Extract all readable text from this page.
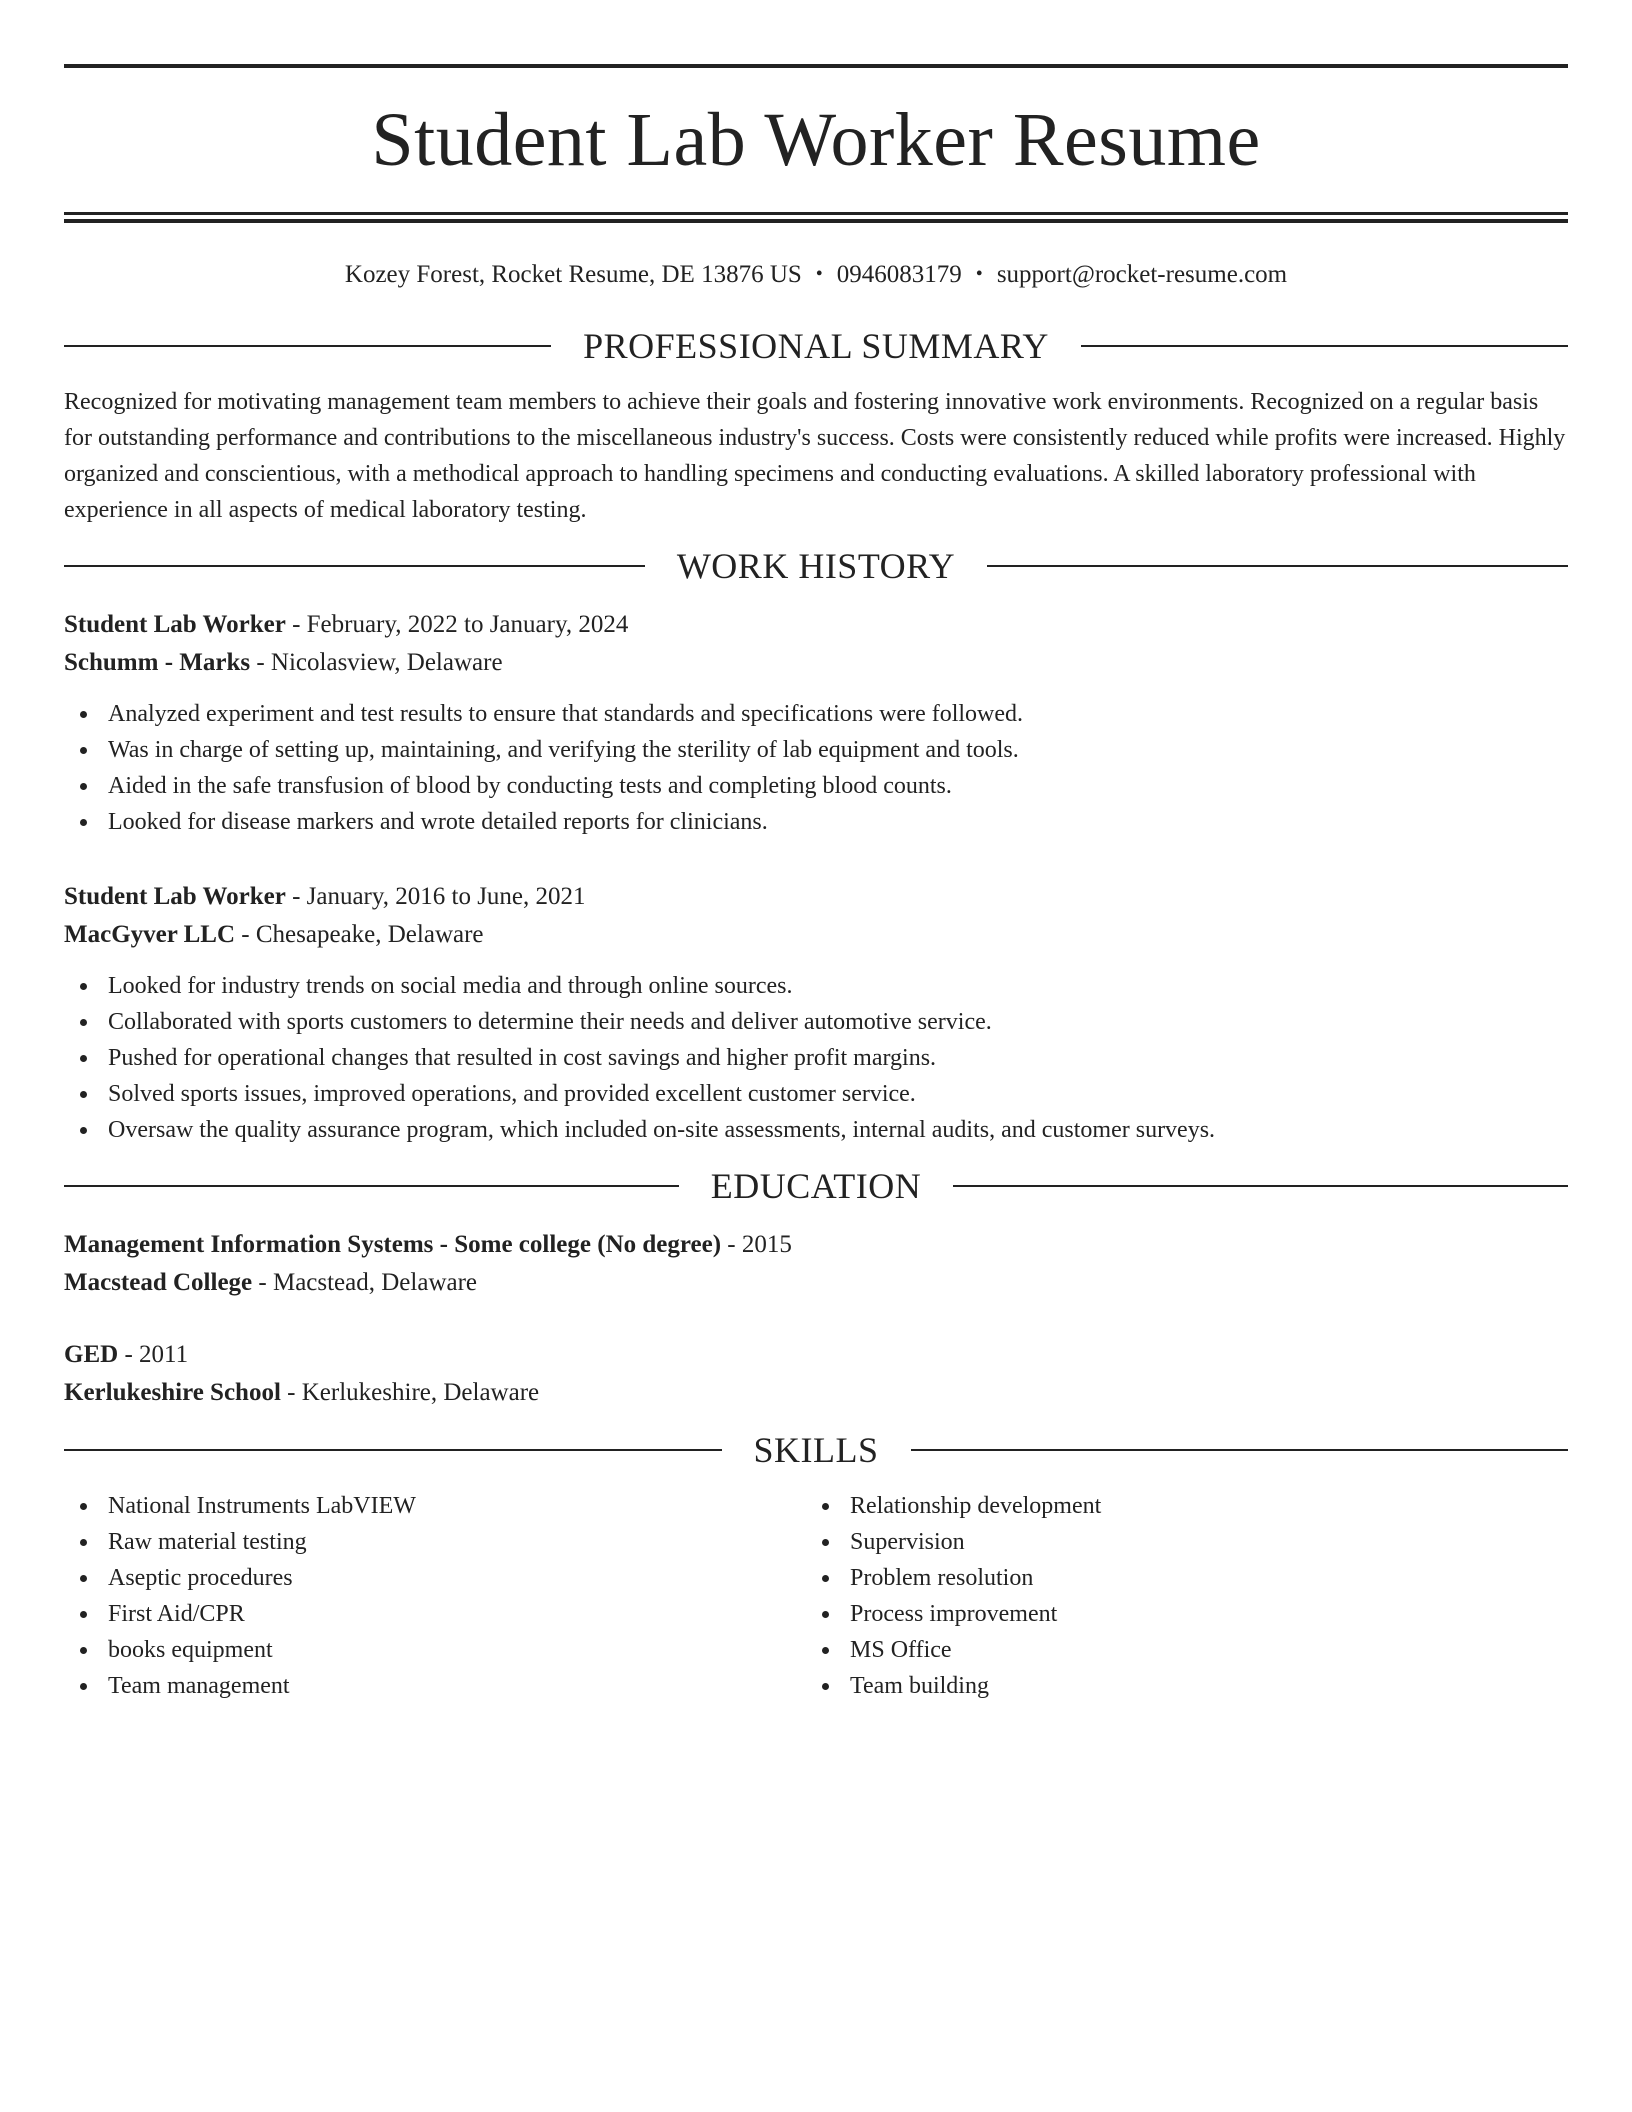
Student Lab Worker Resume
Kozey Forest, Rocket Resume, DE 13876 US • 0946083179 • support@rocket-resume.com
PROFESSIONAL SUMMARY

Recognized for motivating management team members to achieve their goals and fostering innovative work environments. Recognized on a regular basis for outstanding performance and contributions to the miscellaneous industry's success. Costs were consistently reduced while profits were increased. Highly organized and conscientious, with a methodical approach to handling specimens and conducting evaluations. A skilled laboratory professional with experience in all aspects of medical laboratory testing.

WORK HISTORY
Student Lab Worker - February, 2022 to January, 2024
Schumm - Marks - Nicolasview, Delaware
Analyzed experiment and test results to ensure that standards and specifications were followed.
Was in charge of setting up, maintaining, and verifying the sterility of lab equipment and tools.
Aided in the safe transfusion of blood by conducting tests and completing blood counts.
Looked for disease markers and wrote detailed reports for clinicians.
Student Lab Worker - January, 2016 to June, 2021
MacGyver LLC - Chesapeake, Delaware
Looked for industry trends on social media and through online sources.
Collaborated with sports customers to determine their needs and deliver automotive service.
Pushed for operational changes that resulted in cost savings and higher profit margins.
Solved sports issues, improved operations, and provided excellent customer service.
Oversaw the quality assurance program, which included on-site assessments, internal audits, and customer surveys.
EDUCATION
Management Information Systems - Some college (No degree) - 2015
Macstead College - Macstead, Delaware
GED - 2011
Kerlukeshire School - Kerlukeshire, Delaware
SKILLS
National Instruments LabVIEW
Raw material testing
Aseptic procedures
First Aid/CPR
books equipment
Team management
Relationship development
Supervision
Problem resolution
Process improvement
MS Office
Team building
